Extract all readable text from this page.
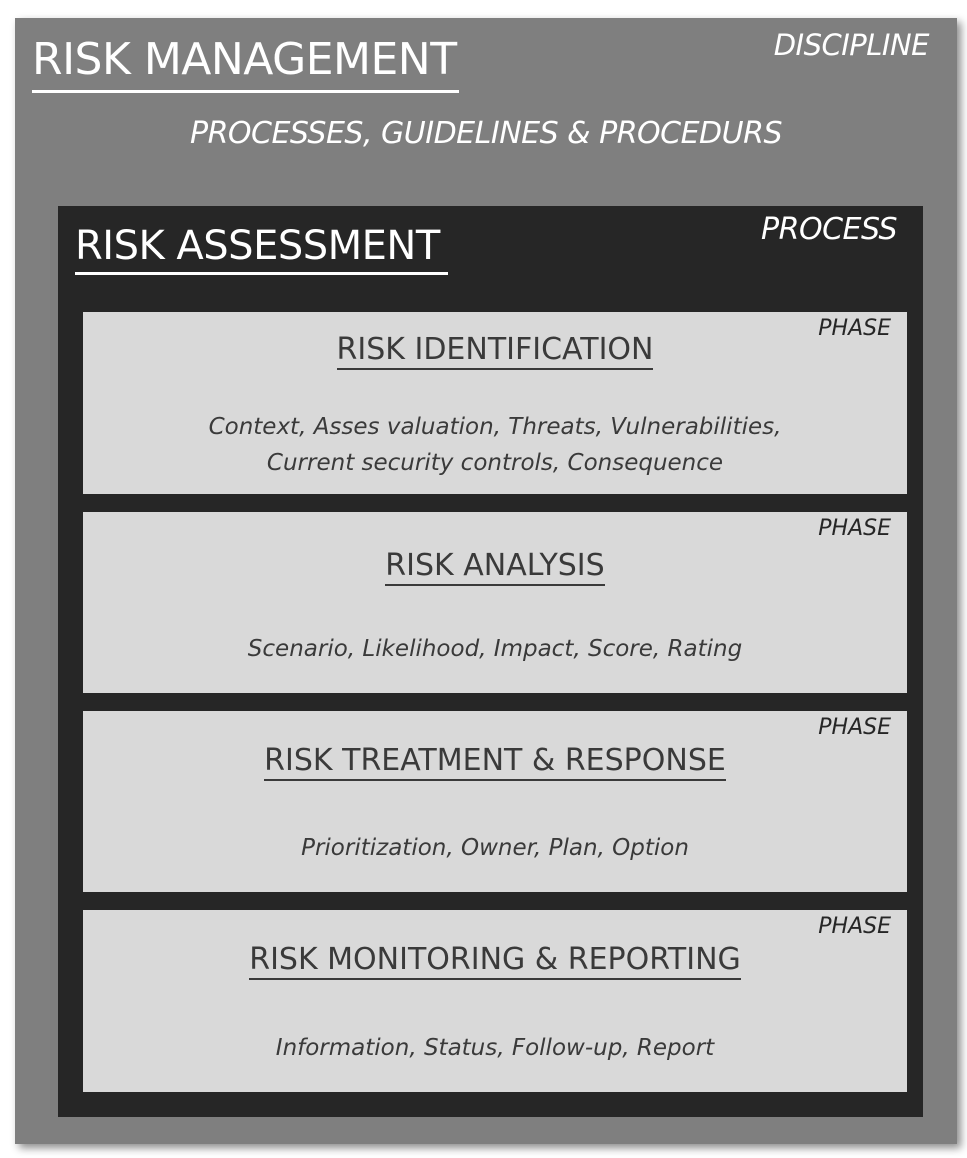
RISK MANAGEMENT	DISCIPLINE
PROCESSES, GUIDELINES & PROCEDURS
RISK ASSESSMENT	PROCESS
PHASE
RISK IDENTIFICATION
Context, Asses valuation, Threats, Vulnerabilities,
Current security controls, Consequence
PHASE
RISK ANALYSIS
Scenario, Likelihood, Impact, Score, Rating
PHASE
RISK TREATMENT & RESPONSE
Prioritization, Owner, Plan, Option
PHASE
RISK MONITORING & REPORTING
Information, Status, Follow-up, Report
